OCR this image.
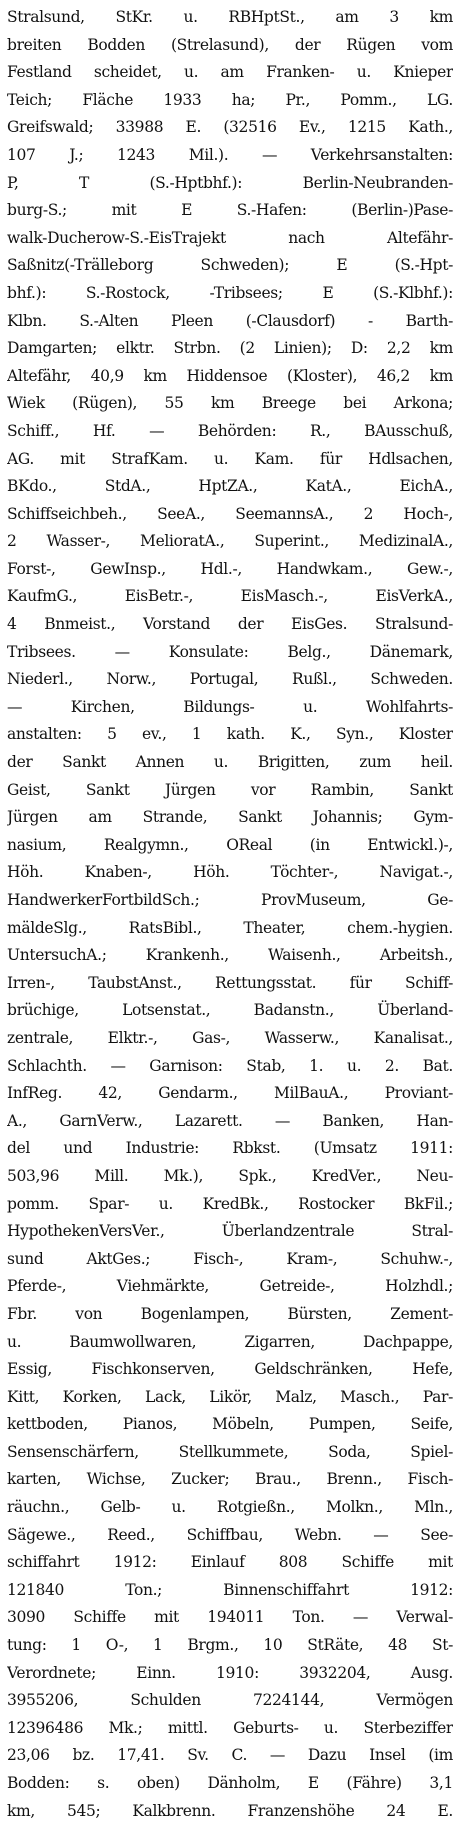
Stralsund, StKr. u. RBHptSt., am 3 km
breiten Bodden (Strelasund), der Rügen vom
Festland scheidet, u. am Franken- u. Knieper
Teich; Fläche 1933 ha; Pr., Pomm., LG.
Greifswald; 33988 E. (32516 Ev., 1215 Kath.,
107 J.; 1243 Mil.). — Verkehrsanstalten:
P, T (S.-Hptbhf.): Berlin-Neubranden-
burg-S.; mit E S.-Hafen: (Berlin-)Pase-
walk-Ducherow-S.-EisTrajekt nach Altefähr-
Saßnitz(-Trälleborg Schweden); E (S.-Hpt-
bhf.): S.-Rostock, -Tribsees; E (S.-Klbhf.):
Klbn. S.-Alten Pleen (-Clausdorf) - Barth-
Damgarten; elktr. Strbn. (2 Linien); D: 2,2 km
Altefähr, 40,9 km Hiddensoe (Kloster), 46,2 km
Wiek (Rügen), 55 km Breege bei Arkona;
Schiff., Hf. — Behörden: R., BAusschuß,
AG. mit StrafKam. u. Kam. für Hdlsachen,
BKdo., StdA., HptZA., KatA., EichA.,
Schiffseichbeh., SeeA., SeemannsA., 2 Hoch-,
2 Wasser-, MelioratA., Superint., MedizinalA.,
Forst-, GewInsp., Hdl.-, Handwkam., Gew.-,
KaufmG., EisBetr.-, EisMasch.-, EisVerkA.,
4 Bnmeist., Vorstand der EisGes. Stralsund-
Tribsees. — Konsulate: Belg., Dänemark,
Niederl., Norw., Portugal, Rußl., Schweden.
— Kirchen, Bildungs- u. Wohlfahrts-
anstalten: 5 ev., 1 kath. K., Syn., Kloster
der Sankt Annen u. Brigitten, zum heil.
Geist, Sankt Jürgen vor Rambin, Sankt
Jürgen am Strande, Sankt Johannis; Gym-
nasium, Realgymn., OReal (in Entwickl.)-,
Höh. Knaben-, Höh. Töchter-, Navigat.-,
HandwerkerFortbildSch.; ProvMuseum, Ge-
mäldeSlg., RatsBibl., Theater, chem.-hygien.
UntersuchA.; Krankenh., Waisenh., Arbeitsh.,
Irren-, TaubstAnst., Rettungsstat. für Schiff-
brüchige, Lotsenstat., Badanstn., Überland-
zentrale, Elktr.-, Gas-, Wasserw., Kanalisat.,
Schlachth. — Garnison: Stab, 1. u. 2. Bat.
InfReg. 42, Gendarm., MilBauA., Proviant-
A., GarnVerw., Lazarett. — Banken, Han-
del und Industrie: Rbkst. (Umsatz 1911:
503,96 Mill. Mk.), Spk., KredVer., Neu-
pomm. Spar- u. KredBk., Rostocker BkFil.;
HypothekenVersVer., Überlandzentrale Stral-
sund AktGes.; Fisch-, Kram-, Schuhw.-,
Pferde-, Viehmärkte, Getreide-, Holzhdl.;
Fbr. von Bogenlampen, Bürsten, Zement-
u. Baumwollwaren, Zigarren, Dachpappe,
Essig, Fischkonserven, Geldschränken, Hefe,
Kitt, Korken, Lack, Likör, Malz, Masch., Par-
kettboden, Pianos, Möbeln, Pumpen, Seife,
Sensenschärfern, Stellkummete, Soda, Spiel-
karten, Wichse, Zucker; Brau., Brenn., Fisch-
räuchn., Gelb- u. Rotgießn., Molkn., Mln.,
Sägewe., Reed., Schiffbau, Webn. — See-
schiffahrt 1912: Einlauf 808 Schiffe mit
121840 Ton.; Binnenschiffahrt 1912:
3090 Schiffe mit 194011 Ton. — Verwal-
tung: 1 O-, 1 Brgm., 10 StRäte, 48 St-
Verordnete; Einn. 1910: 3932204, Ausg.
3955206, Schulden 7224144, Vermögen
12396486 Mk.; mittl. Geburts- u. Sterbeziffer
23,06 bz. 17,41. Sv. C. — Dazu Insel (im
Bodden: s. oben) Dänholm, E (Fähre) 3,1
km, 545; Kalkbrenn. Franzenshöhe 24 E.
